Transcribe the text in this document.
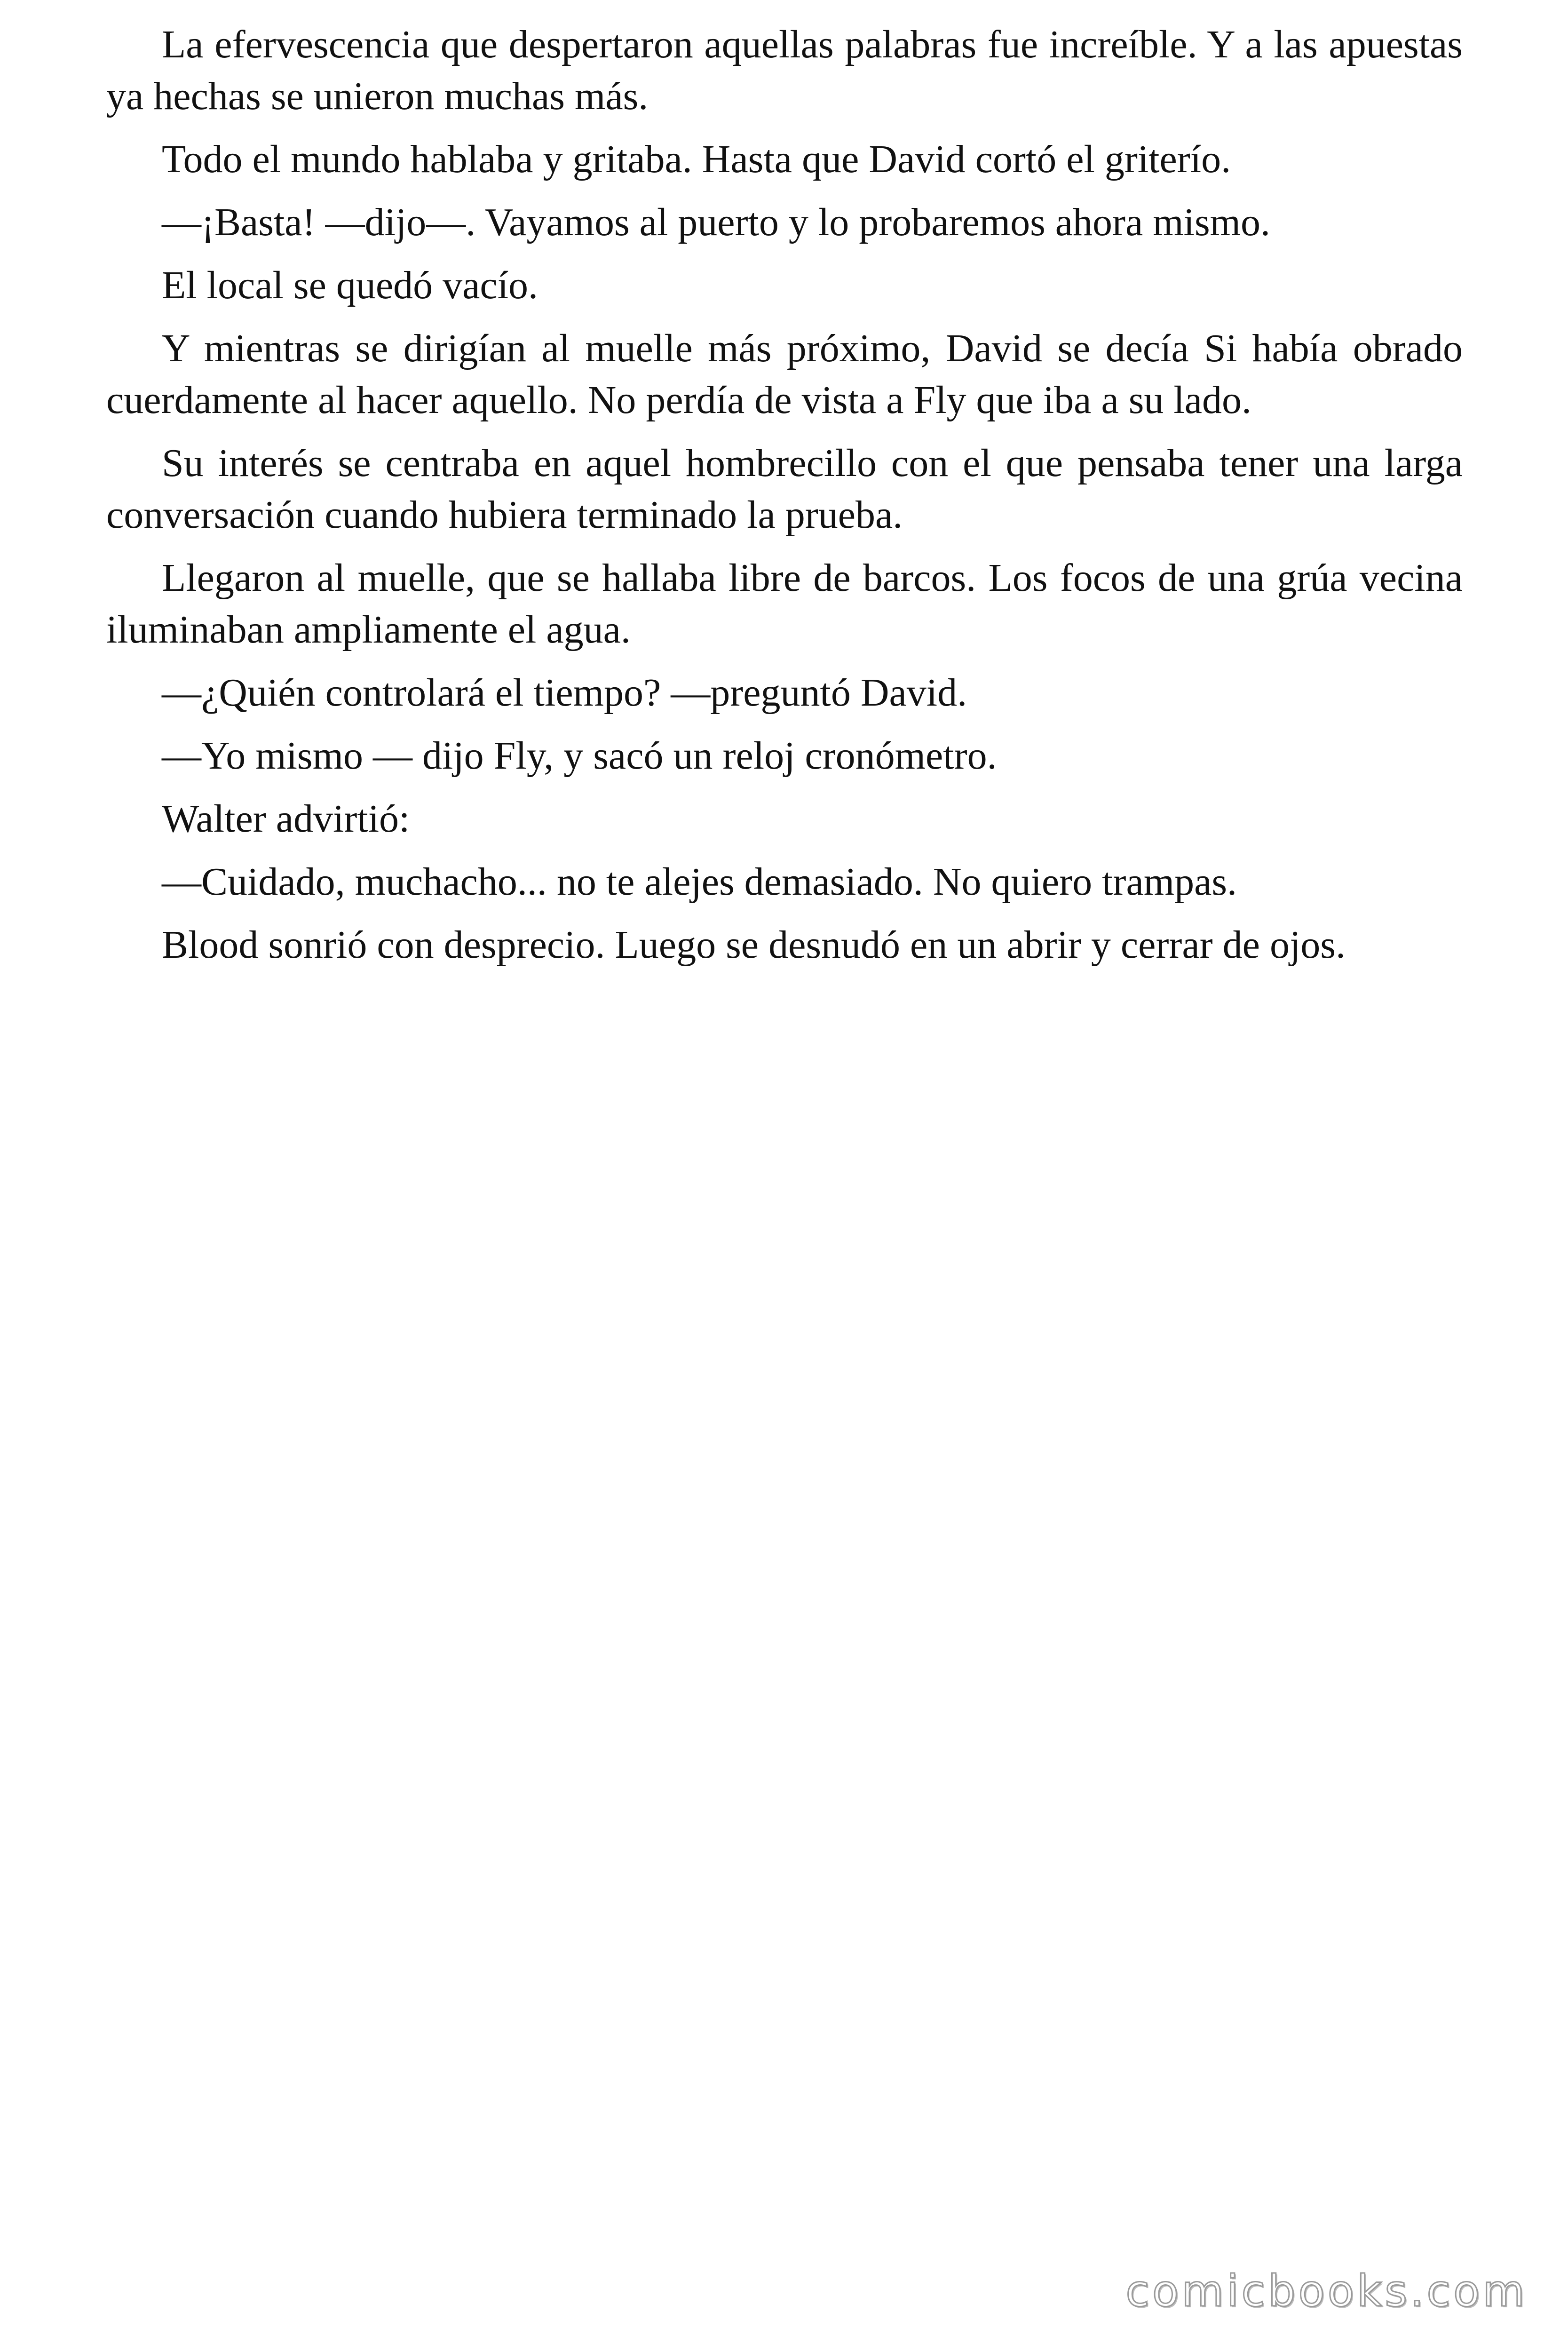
La efervescencia que despertaron aquellas palabras fue increíble. Y a las apuestas ya hechas se unieron muchas más.

Todo el mundo hablaba y gritaba. Hasta que David cortó el griterío.

—¡Basta! —dijo—. Vayamos al puerto y lo probaremos ahora mismo.

El local se quedó vacío.

Y mientras se dirigían al muelle más próximo, David se decía Si había obrado cuerdamente al hacer aquello. No perdía de vista a Fly que iba a su lado.

Su interés se centraba en aquel hombrecillo con el que pensaba tener una larga conversación cuando hubiera terminado la prueba.

Llegaron al muelle, que se hallaba libre de barcos. Los focos de una grúa vecina iluminaban ampliamente el agua.

—¿Quién controlará el tiempo? —preguntó David.

—Yo mismo — dijo Fly, y sacó un reloj cronómetro.

Walter advirtió:

—Cuidado, muchacho... no te alejes demasiado. No quiero trampas.

Blood sonrió con desprecio. Luego se desnudó en un abrir y cerrar de ojos.

comicbooks.com
